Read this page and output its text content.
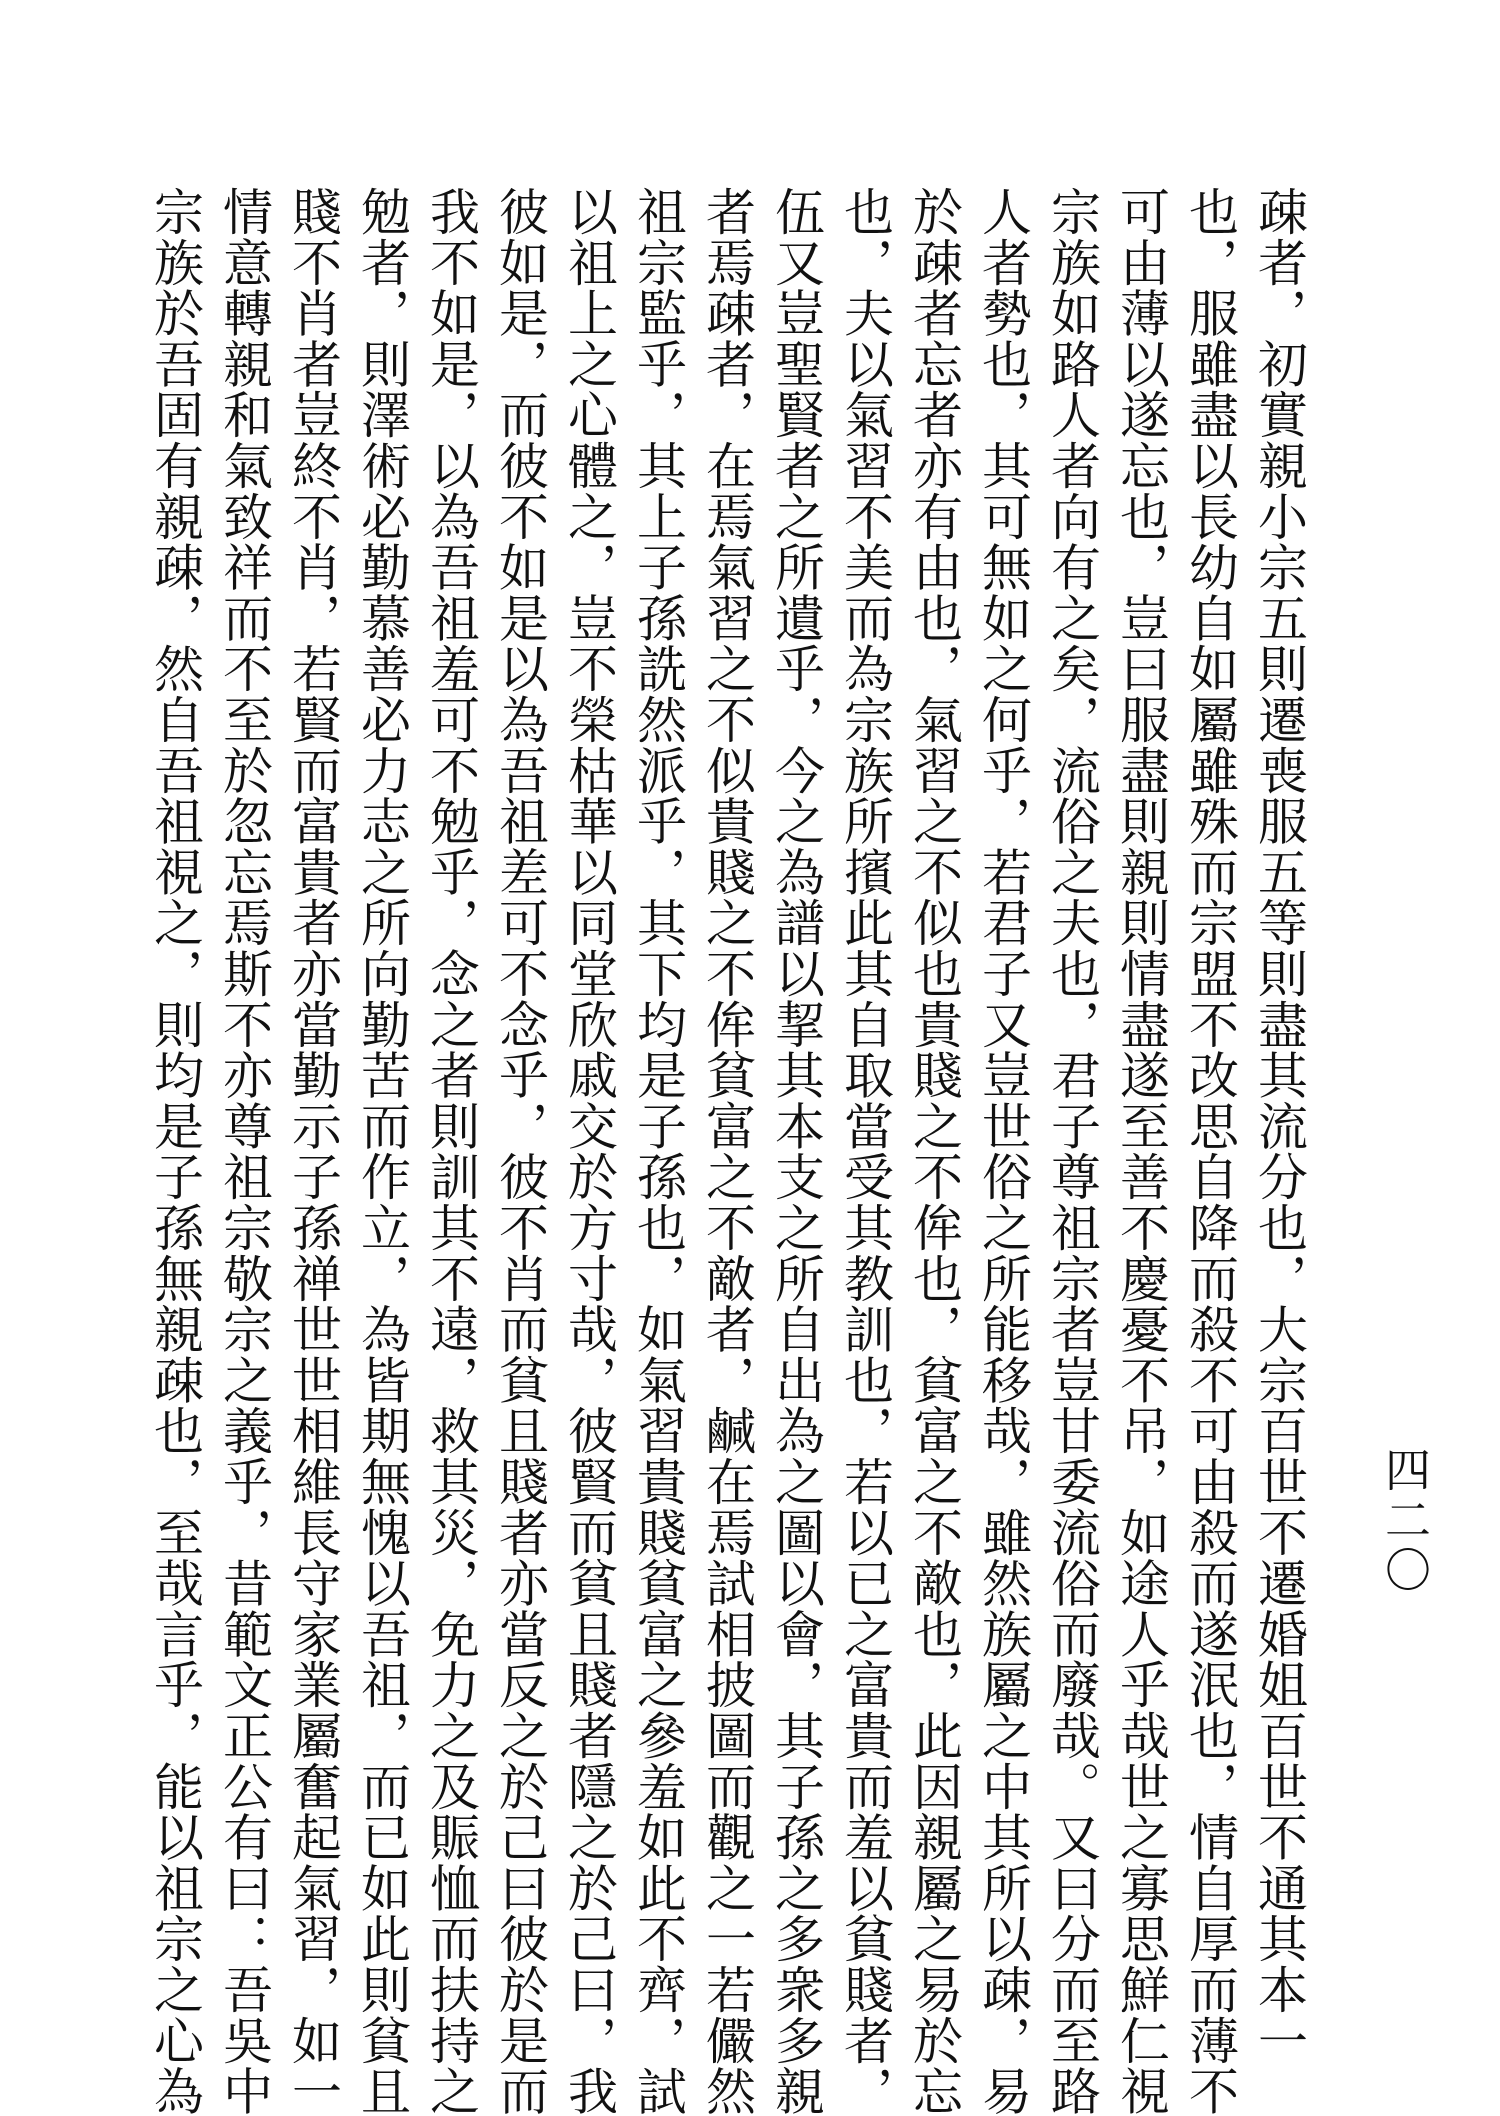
疎者，初實親小宗五則遷喪服五等則盡其流分也，大宗百世不遷婚姐百世不通其本一
也，服雖盡以長幼自如屬雖殊而宗盟不改思自降而殺不可由殺而遂泯也，情自厚而薄不
可由薄以遂忘也，豈曰服盡則親則情盡遂至善不慶憂不吊，如途人乎哉世之寡思鮮仁視
宗族如路人者向有之矣，流俗之夫也，君子尊祖宗者豈甘委流俗而廢哉。又曰分而至路
人者勢也，其可無如之何乎，若君子又豈世俗之所能移哉，雖然族屬之中其所以疎，易
於疎者忘者亦有由也，氣習之不似也貴賤之不侔也，貧富之不敵也，此因親屬之易於忘
也，夫以氣習不美而為宗族所擯此其自取當受其教訓也，若以已之富貴而羞以貧賤者，
伍又豈聖賢者之所遺乎，今之為譜以挈其本支之所自出為之圖以會，其子孫之多衆多親
者焉疎者，在焉氣習之不似貴賤之不侔貧富之不敵者，鹹在焉試相披圖而觀之一若儼然
祖宗監乎，其上子孫詵然派乎，其下均是子孫也，如氣習貴賤貧富之參羞如此不齊，試
以祖上之心體之，豈不榮枯華以同堂欣戚交於方寸哉，彼賢而貧且賤者隱之於己曰，我
彼如是，而彼不如是以為吾祖差可不念乎，彼不肖而貧且賤者亦當反之於己曰彼於是而
我不如是，以為吾祖羞可不勉乎，念之者則訓其不遠，救其災，免力之及賑恤而扶持之
勉者，則澤術必勤慕善必力志之所向勤苦而作立，為皆期無愧以吾祖，而已如此則貧且
賤不肖者豈終不肖，若賢而富貴者亦當勤示子孫禅世世相維長守家業屬奮起氣習，如一
情意轉親和氣致祥而不至於忽忘焉斯不亦尊祖宗敬宗之義乎，昔範文正公有曰：吾吳中
宗族於吾固有親疎，然自吾祖視之，則均是子孫無親疎也，至哉言乎，能以祖宗之心為	四二〇
